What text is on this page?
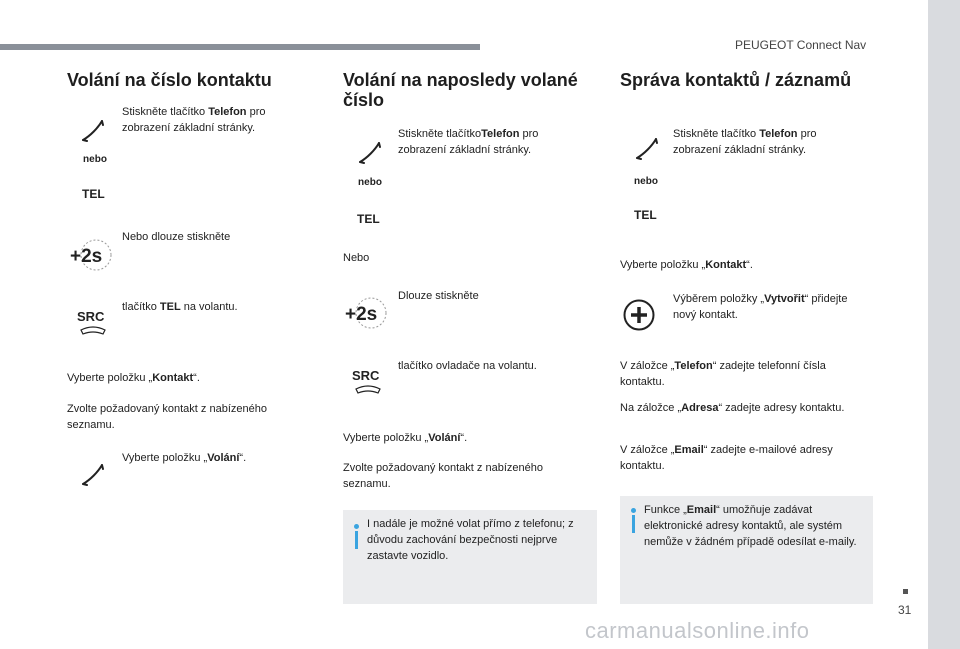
PEUGEOT Connect Nav
31
carmanualsonline.info
Volání na číslo kontaktu
Stiskněte tlačítko Telefon pro zobrazení základní stránky.
nebo
TEL
+2s
Nebo dlouze stiskněte
SRC
tlačítko TEL na volantu.
Vyberte položku „Kontakt“.
Zvolte požadovaný kontakt z nabízeného seznamu.
Vyberte položku „Volání“.
Volání na naposledy volané
číslo
Stiskněte tlačítkoTelefon pro zobrazení základní stránky.
nebo
TEL
Nebo
+2s
Dlouze stiskněte
SRC
tlačítko ovladače na volantu.
Vyberte položku „Volání“.
Zvolte požadovaný kontakt z nabízeného seznamu.
I nadále je možné volat přímo z telefonu; z důvodu zachování bezpečnosti nejprve zastavte vozidlo.
Správa kontaktů / záznamů
Stiskněte tlačítko Telefon pro zobrazení základní stránky.
nebo
TEL
Vyberte položku „Kontakt“.
Výběrem položky „Vytvořit“ přidejte nový kontakt.
V záložce „Telefon“ zadejte telefonní čísla kontaktu.
Na záložce „Adresa“ zadejte adresy kontaktu.
V záložce „Email“ zadejte e-mailové adresy kontaktu.
Funkce „Email“ umožňuje zadávat elektronické adresy kontaktů, ale systém nemůže v žádném případě odesílat e-maily.
